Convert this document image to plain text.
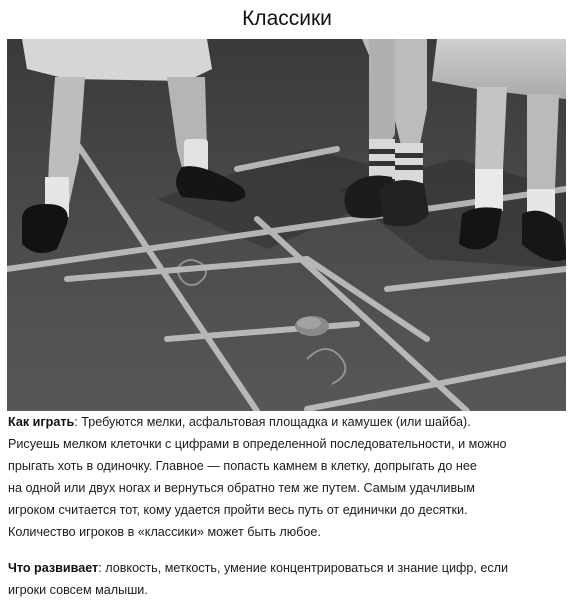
Классики
Как играть: Требуются мелки, асфальтовая площадка и камушек (или шайба).
Рисуешь мелком клеточки с цифрами в определенной последовательности, и можно
прыгать хоть в одиночку. Главное — попасть камнем в клетку, допрыгать до нее
на одной или двух ногах и вернуться обратно тем же путем. Самым удачливым
игроком считается тот, кому удается пройти весь путь от единички до десятки.
Количество игроков в «классики» может быть любое.
Что развивает: ловкость, меткость, умение концентрироваться и знание цифр, если
игроки совсем малыши.
